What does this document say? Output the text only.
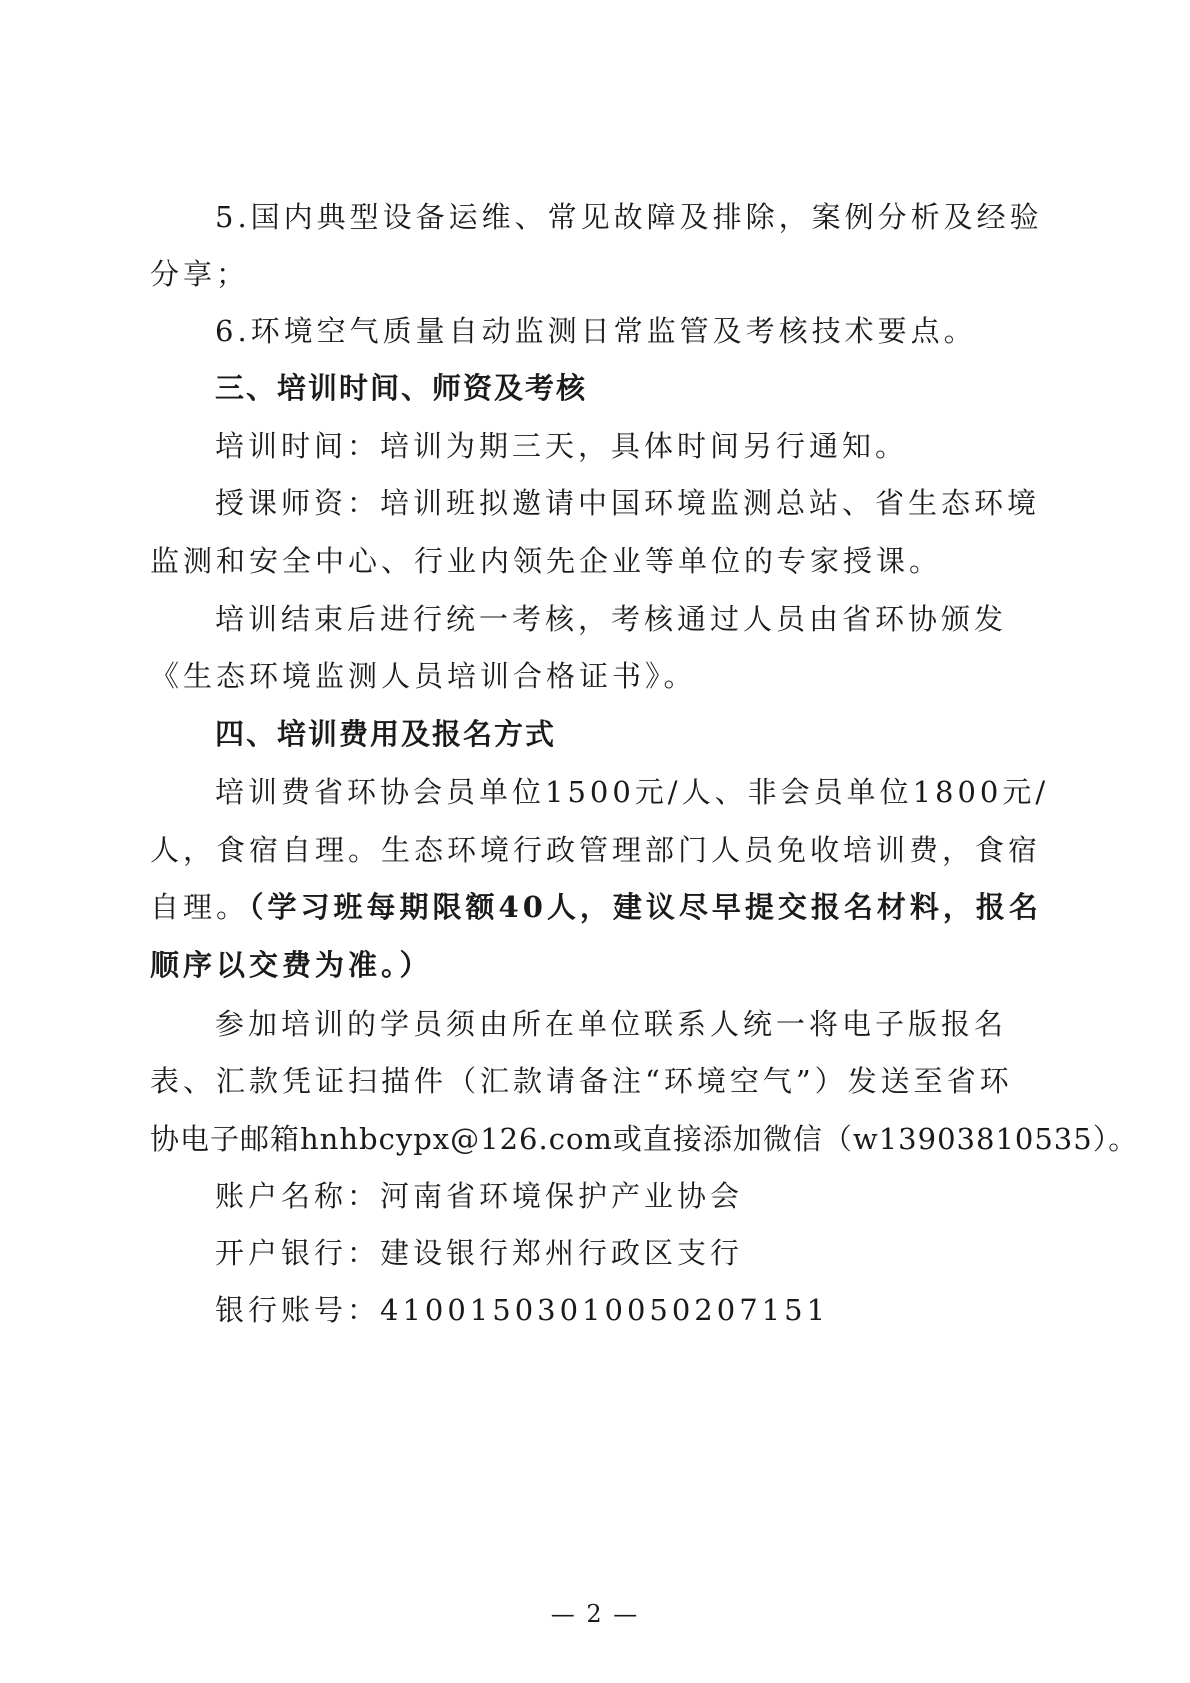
5.国内典型设备运维、常见故障及排除，案例分析及经验
分享；
6.环境空气质量自动监测日常监管及考核技术要点。
三、培训时间、师资及考核
培训时间：培训为期三天，具体时间另行通知。
授课师资：培训班拟邀请中国环境监测总站、省生态环境
监测和安全中心、行业内领先企业等单位的专家授课。
培训结束后进行统一考核，考核通过人员由省环协颁发
《生态环境监测人员培训合格证书》。
四、培训费用及报名方式
培训费省环协会员单位1500元/人、非会员单位1800元/
人，食宿自理。生态环境行政管理部门人员免收培训费，食宿
自理。（学习班每期限额40人，建议尽早提交报名材料，报名
顺序以交费为准。）
参加培训的学员须由所在单位联系人统一将电子版报名
表、汇款凭证扫描件（汇款请备注“环境空气”）发送至省环
协电子邮箱hnhbcypx@126.com或直接添加微信（w13903810535）。
账户名称：河南省环境保护产业协会
开户银行：建设银行郑州行政区支行
银行账号：41001503010050207151
— 2 —
